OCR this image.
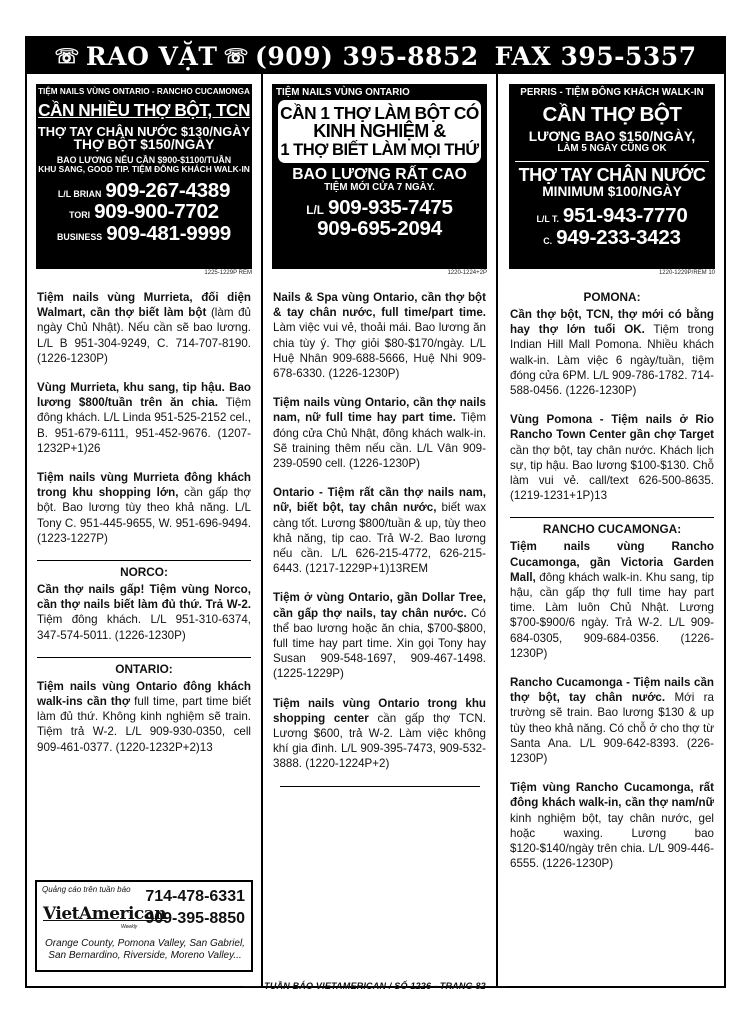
☏ RAO VẶT ☏ (909) 395-8852 FAX 395-5357
TIỆM NAILS VÙNG ONTARIO - RANCHO CUCAMONGA
CẦN NHIỀU THỢ BỘT, TCN
THỢ TAY CHÂN NƯỚC $130/NGÀY
THỢ BỘT $150/NGÀY
BAO LƯƠNG NẾU CẦN $900-$1100/TUẦN
KHU SANG, GOOD TIP. TIỆM ĐÔNG KHÁCH WALK-IN
L/L BRIAN 909-267-4389
TORI 909-900-7702
BUSINESS 909-481-9999
1225-1229P REM

Tiệm nails vùng Murrieta, đối diện Walmart, cần thợ biết làm bột (làm đủ ngày Chủ Nhật). Nếu cần sẽ bao lương. L/L B 951-304-9249, C. 714-707-8190. (1226-1230P)

Vùng Murrieta, khu sang, tip hậu. Bao lương $800/tuần trên ăn chia. Tiệm đông khách. L/L Linda 951-525-2152 cel., B. 951-679-6111, 951-452-9676. (1207-1232P+1)26

Tiệm nails vùng Murrieta đông khách trong khu shopping lớn, cần gấp thợ bột. Bao lương tùy theo khả năng. L/L Tony C. 951-445-9655, W. 951-696-9494. (1223-1227P)

NORCO:

Cần thợ nails gấp! Tiệm vùng Norco, cần thợ nails biết làm đủ thứ. Trả W-2. Tiệm đông khách. L/L 951-310-6374, 347-574-5011. (1226-1230P)

ONTARIO:

Tiệm nails vùng Ontario đông khách walk-ins cần thợ full time, part time biết làm đủ thứ. Không kinh nghiệm sẽ train. Tiệm trả W-2. L/L 909-930-0350, cell 909-461-0377. (1220-1232P+2)13

Quảng cáo trên tuần báo
VietAmerican
Weekly
714-478-6331
909-395-8850
Orange County, Pomona Valley, San Gabriel, San Bernardino, Riverside, Moreno Valley...
TIỆM NAILS VÙNG ONTARIO
CẦN 1 THỢ LÀM BỘT CÓ
KINH NGHIỆM &
1 THỢ BIẾT LÀM MỌI THỨ
BAO LƯƠNG RẤT CAO
TIỆM MỚI CỬA 7 NGÀY.
L/L 909-935-7475
909-695-2094
1220-1224+2P

Nails & Spa vùng Ontario, cần thợ bột & tay chân nước, full time/part time. Làm việc vui vẻ, thoải mái. Bao lương ăn chia tùy ý. Thợ giỏi $80-$170/ngày. L/L Huệ Nhân 909-688-5666, Huệ Nhi 909-678-6330. (1226-1230P)

Tiệm nails vùng Ontario, cần thợ nails nam, nữ full time hay part time. Tiệm đóng cửa Chủ Nhật, đông khách walk-in. Sẽ training thêm nếu cần. L/L Vân 909-239-0590 cell. (1226-1230P)

Ontario - Tiệm rất cần thợ nails nam, nữ, biết bột, tay chân nước, biết wax càng tốt. Lương $800/tuần & up, tùy theo khả năng, tip cao. Trả W-2. Bao lương nếu cần. L/L 626-215-4772, 626-215-6443. (1217-1229P+1)13REM

Tiệm ở vùng Ontario, gần Dollar Tree, cần gấp thợ nails, tay chân nước. Có thể bao lương hoặc ăn chia, $700-$800, full time hay part time. Xin gọi Tony hay Susan 909-548-1697, 909-467-1498. (1225-1229P)

Tiệm nails vùng Ontario trong khu shopping center cần gấp thợ TCN. Lương $600, trả W-2. Làm việc không khí gia đình. L/L 909-395-7473, 909-532-3888. (1220-1224P+2)

PERRIS - TIỆM ĐÔNG KHÁCH WALK-IN
CẦN THỢ BỘT
LƯƠNG BAO $150/NGÀY,
LÀM 5 NGÀY CŨNG OK
THỢ TAY CHÂN NƯỚC
MINIMUM $100/NGÀY
L/L T. 951-943-7770
C. 949-233-3423
1220-1229P/REM 10
POMONA:

Cần thợ bột, TCN, thợ mới có bằng hay thợ lớn tuổi OK. Tiệm trong Indian Hill Mall Pomona. Nhiều khách walk-in. Làm việc 6 ngày/tuần, tiệm đóng cửa 6PM. L/L 909-786-1782. 714-588-0456. (1226-1230P)

Vùng Pomona - Tiệm nails ở Rio Rancho Town Center gần chợ Target cần thợ bột, tay chân nước. Khách lịch sự, tip hậu. Bao lương $100-$130. Chỗ làm vui vẻ. call/text 626-500-8635. (1219-1231+1P)13

RANCHO CUCAMONGA:

Tiệm nails vùng Rancho Cucamonga, gần Victoria Garden Mall, đông khách walk-in. Khu sang, tip hậu, cần gấp thợ full time hay part time. Làm luôn Chủ Nhật. Lương $700-$900/6 ngày. Trả W-2. L/L 909-684-0305, 909-684-0356. (1226-1230P)

Rancho Cucamonga - Tiệm nails cần thợ bột, tay chân nước. Mới ra trường sẽ train. Bao lương $130 & up tùy theo khả năng. Có chỗ ở cho thợ từ Santa Ana. L/L 909-642-8393. (226-1230P)

Tiệm vùng Rancho Cucamonga, rất đông khách walk-in, cần thợ nam/nữ kinh nghiệm bột, tay chân nước, gel hoặc waxing. Lương bao $120-$140/ngày trên chia. L/L 909-446-6555. (1226-1230P)

—— TUẦN BÁO VIETAMERICAN / SỐ 1226 - TRANG 82 ——
